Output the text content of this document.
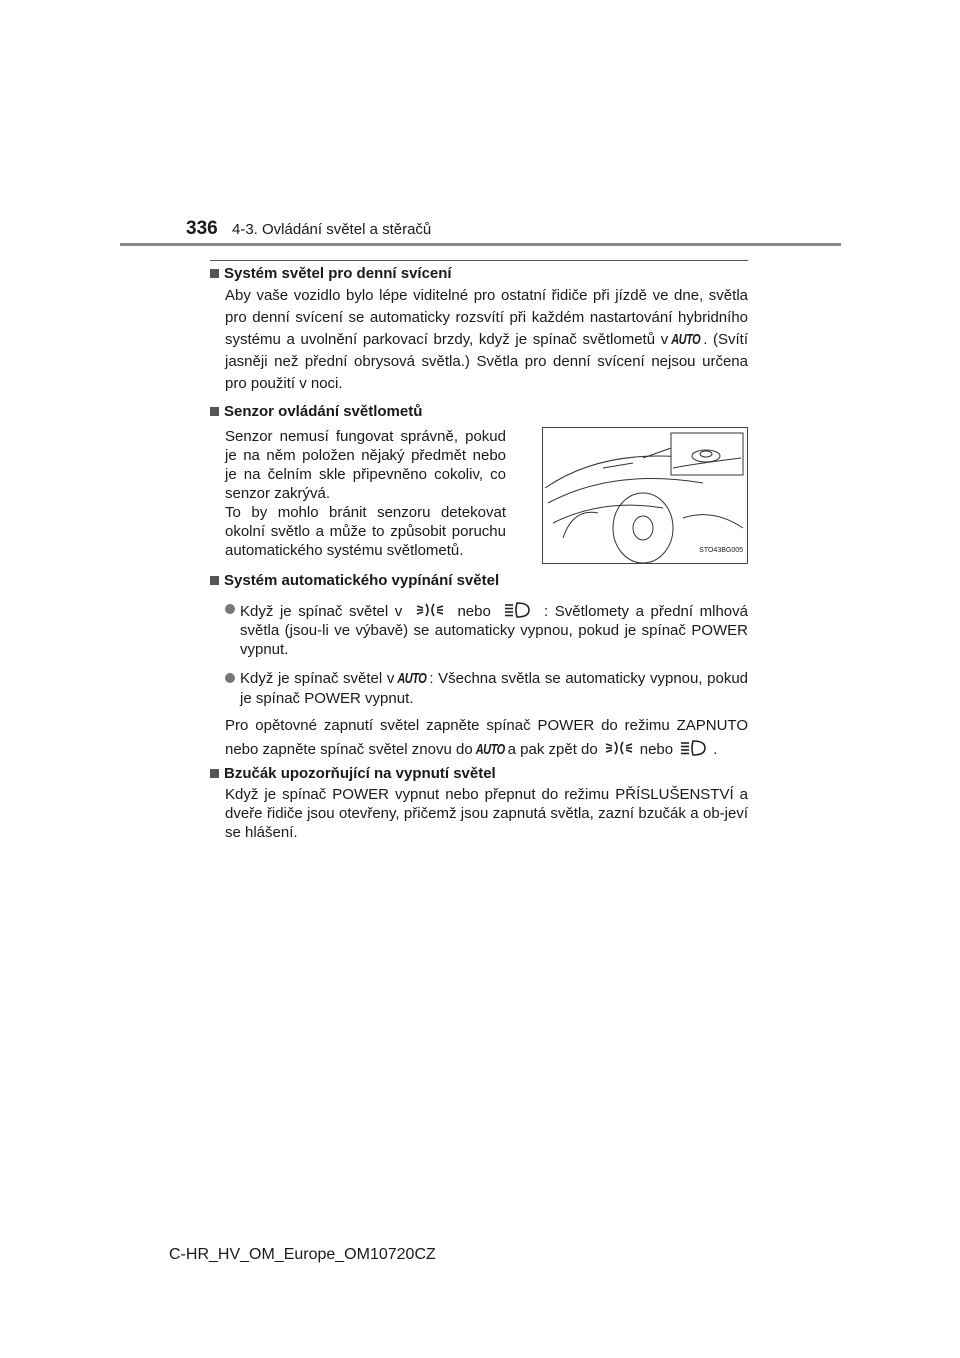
336 4-3. Ovládání světel a stěračů
Systém světel pro denní svícení

Aby vaše vozidlo bylo lépe viditelné pro ostatní řidiče při jízdě ve dne, světla pro denní svícení se automaticky rozsvítí při každém nastartování hybridního systému a uvolnění parkovací brzdy, když je spínač světlometů v AUTO . (Svítí jasněji než přední obrysová světla.) Světla pro denní svícení nejsou určena pro použití v noci.

Senzor ovládání světlometů
Senzor nemusí fungovat správně, pokud je na něm položen nějaký předmět nebo je na čelním skle připevněno cokoliv, co senzor zakrývá.
To by mohlo bránit senzoru detekovat okolní světlo a může to způsobit poruchu automatického systému světlometů.	STO43BG005
Systém automatického vypínání světel
Když je spínač světel v	nebo	: Světlomety a přední mlhová světla (jsou-li ve výbavě) se automaticky vypnou, pokud je spínač POWER vypnut.
Když je spínač světel v AUTO : Všechna světla se automaticky vypnou, pokud je spínač POWER vypnut.

Pro opětovné zapnutí světel zapněte spínač POWER do režimu ZAPNUTO nebo zapněte spínač světel znovu do AUTO a pak zpět do	nebo	.

Bzučák upozorňující na vypnutí světel

Když je spínač POWER vypnut nebo přepnut do režimu PŘÍSLUŠENSTVÍ a dveře řidiče jsou otevřeny, přičemž jsou zapnutá světla, zazní bzučák a ob-jeví se hlášení.

C-HR_HV_OM_Europe_OM10720CZ
